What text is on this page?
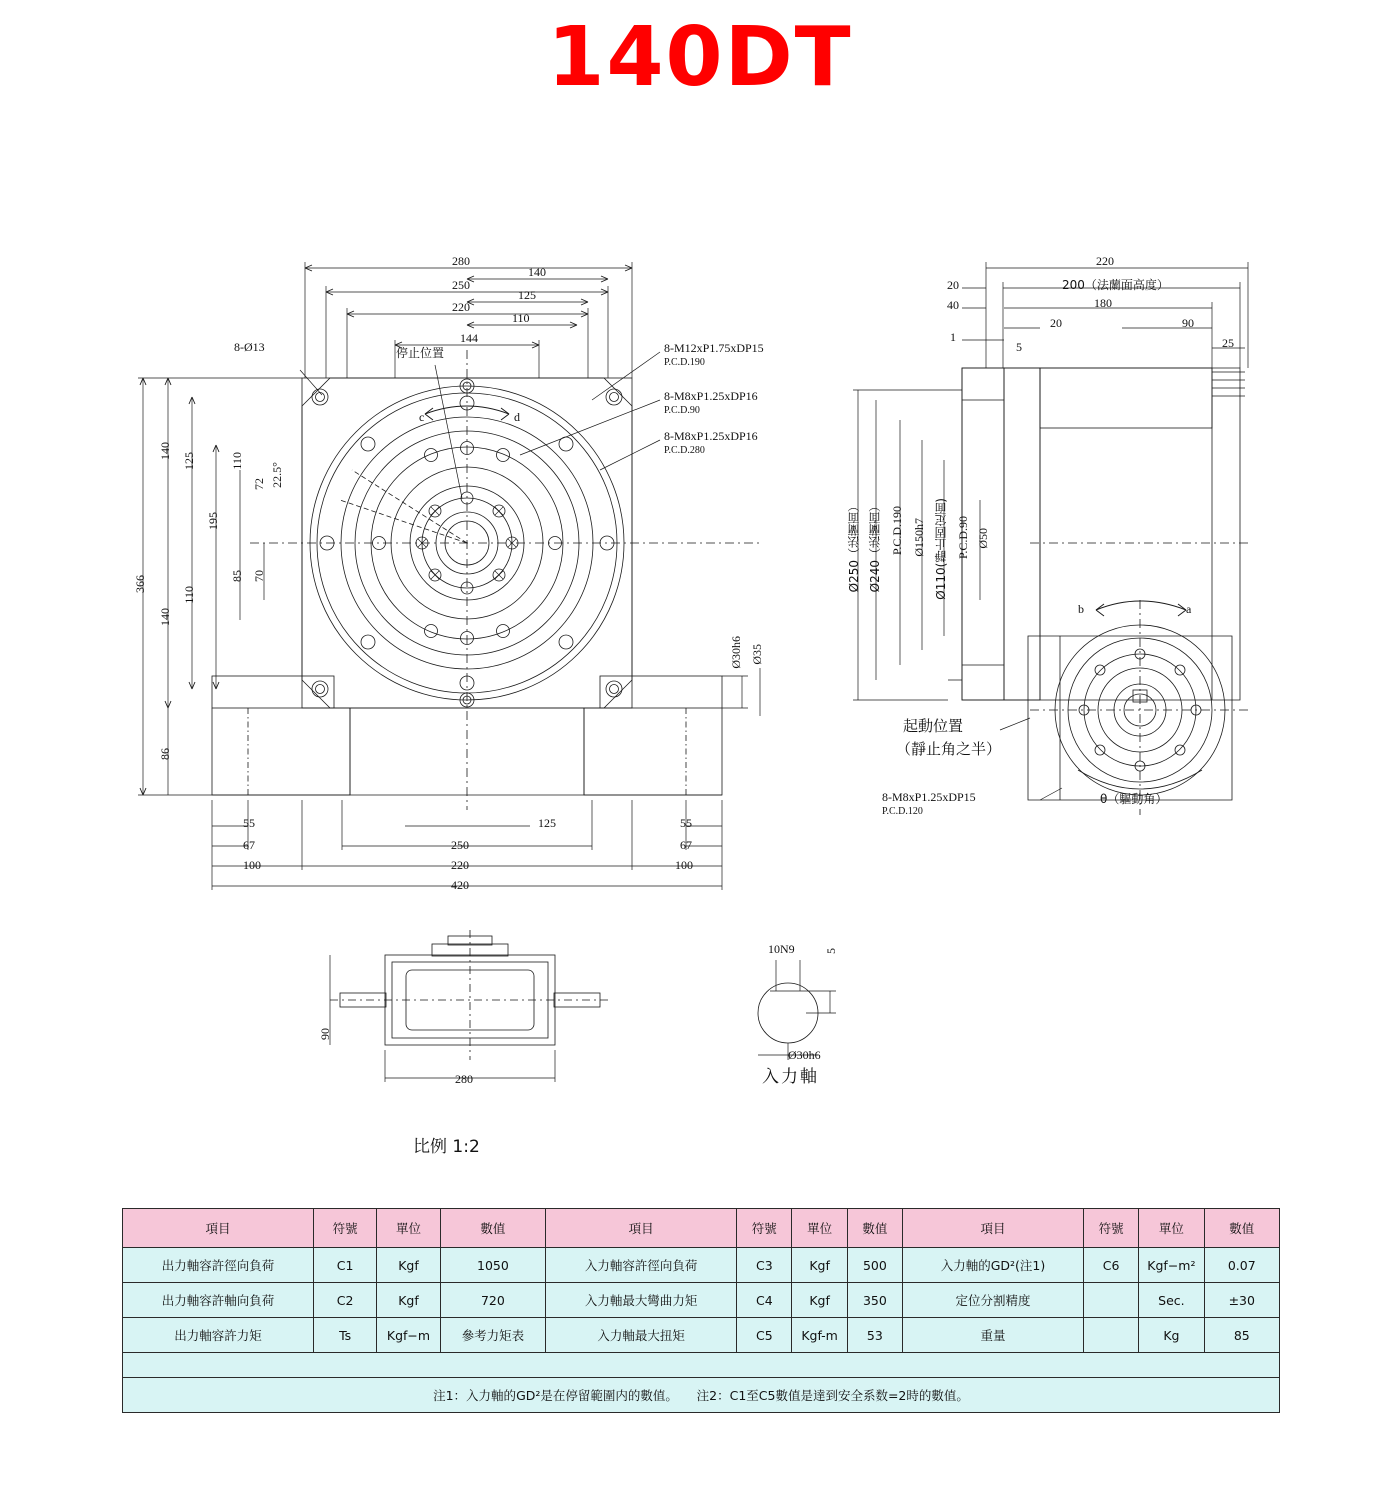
140DT
280
250
220
140
125
110
144
8-Ø13	停止位置	8-M12xP1.75xDP15
P.C.D.190
8-M8xP1.25xDP16
P.C.D.90
8-M8xP1.25xDP16
P.C.D.280
c	d
366
140
125
195
110
72 22.5°
85 70
110
140
86
Ø30h6 Ø35
55	125	55
67	250	67
100	220	100
420
220
200（法蘭面高度）
180
20
40
20	90
1
5	25
Ø250（法蘭面） Ø240（法蘭面） P.C.D.190 Ø150h7 Ø110(靜止固定面) P.C.D.90 Ø50
b	a
起動位置
（靜止角之半）
8-M8xP1.25xDP15
P.C.D.120
θ（驅動角）
90
280
10N9 5
Ø30h6
比例 1:2
入力軸
項目	符號	單位	數值	項目	符號	單位	數值	項目	符號	單位	數值
出力軸容許徑向負荷	C1	Kgf	1050	入力軸容許徑向負荷	C3	Kgf	500	入力軸的GD²(注1)	C6	Kgf−m²	0.07
出力軸容許軸向負荷	C2	Kgf	720	入力軸最大彎曲力矩	C4	Kgf	350	定位分割精度		Sec.	±30
出力軸容許力矩	Ts	Kgf−m	參考力矩表	入力軸最大扭矩	C5	Kgf-m	53	重量		Kg	85

注1：入力軸的GD²是在停留範圍内的數值。　　注2：C1至C5數值是達到安全系数=2時的數值。											
